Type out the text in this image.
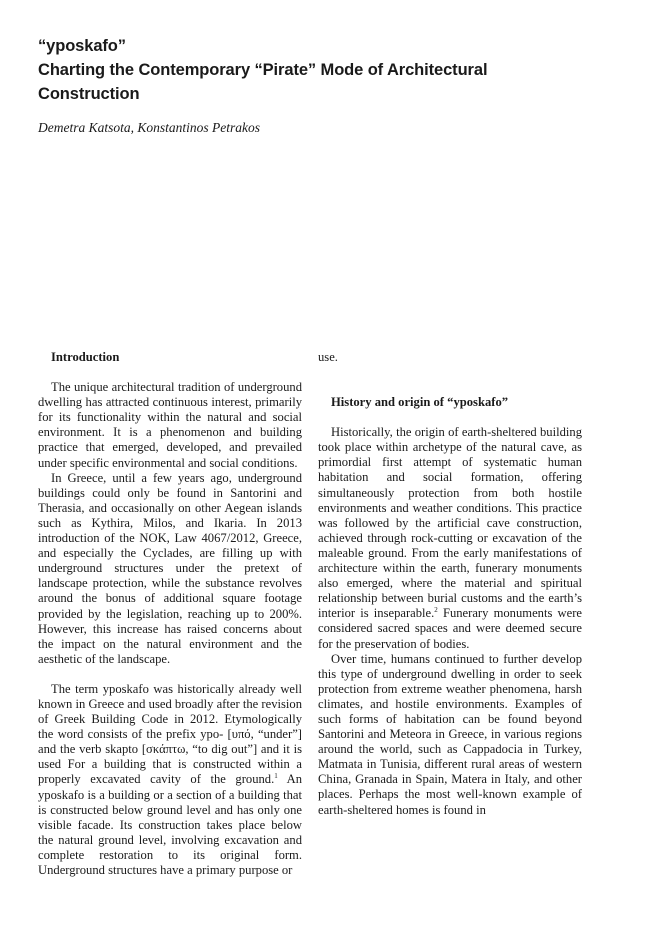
“yposkafo”
Charting the Contemporary “Pirate” Mode of Architectural
Construction
Demetra Katsota, Konstantinos Petrakos
Introduction

The unique architectural tradition of underground dwelling has attracted continuous interest, primarily for its functionality within the natural and social environment. It is a phenomenon and building practice that emerged, developed, and prevailed under specific environmental and social conditions.

In Greece, until a few years ago, underground buildings could only be found in Santorini and Therasia, and occasionally on other Aegean islands such as Kythira, Milos, and Ikaria. In 2013 introduction of the NOK, Law 4067/2012, Greece, and especially the Cyclades, are filling up with underground structures under the pretext of landscape protection, while the substance revolves around the bonus of additional square footage provided by the legislation, reaching up to 200%. However, this increase has raised concerns about the impact on the natural environment and the aesthetic of the landscape.

The term yposkafo was historically already well known in Greece and used broadly after the revision of Greek Building Code in 2012. Etymologically the word consists of the prefix ypo- [υπό, “under”] and the verb skapto [σκάπτω, “to dig out”] and it is used For a building that is constructed within a properly excavated cavity of the ground.$^1$ An yposkafo is a building or a section of a building that is constructed below ground level and has only one visible facade. Its construction takes place below the natural ground level, involving excavation and complete restoration to its original form. Underground structures have a primary purpose or

use.

History and origin of “yposkafo”

Historically, the origin of earth-sheltered building took place within archetype of the natural cave, as primordial first attempt of systematic human habitation and social formation, offering simultaneously protection from both hostile environments and weather conditions. This practice was followed by the artificial cave construction, achieved through rock-cutting or excavation of the maleable ground. From the early manifestations of architecture within the earth, funerary monuments also emerged, where the material and spiritual relationship between burial customs and the earth’s interior is inseparable.$^2$ Funerary monuments were considered sacred spaces and were deemed secure for the preservation of bodies.

Over time, humans continued to further develop this type of underground dwelling in order to seek protection from extreme weather phenomena, harsh climates, and hostile environments. Examples of such forms of habitation can be found beyond Santorini and Meteora in Greece, in various regions around the world, such as Cappadocia in Turkey, Matmata in Tunisia, different rural areas of western China, Granada in Spain, Matera in Italy, and other places. Perhaps the most well-known example of earth-sheltered homes is found in
